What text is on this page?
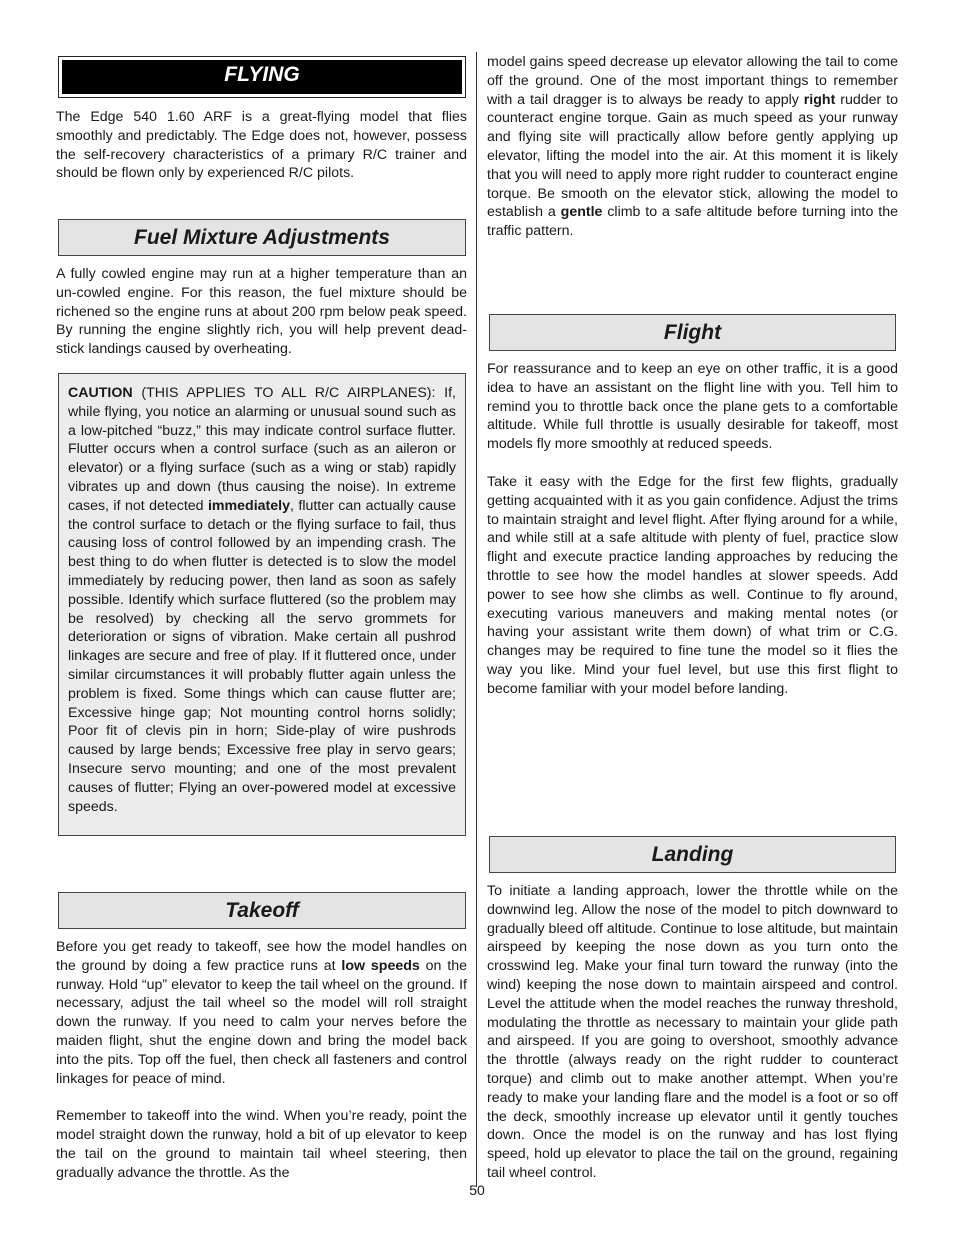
FLYING

The Edge 540 1.60 ARF is a great-flying model that flies smoothly and predictably. The Edge does not, however, possess the self-recovery characteristics of a primary R/C trainer and should be flown only by experienced R/C pilots.

Fuel Mixture Adjustments

A fully cowled engine may run at a higher temperature than an un-cowled engine. For this reason, the fuel mixture should be richened so the engine runs at about 200 rpm below peak speed. By running the engine slightly rich, you will help prevent dead-stick landings caused by overheating.

CAUTION (THIS APPLIES TO ALL R/C AIRPLANES): If, while flying, you notice an alarming or unusual sound such as a low-pitched “buzz,” this may indicate control surface flutter. Flutter occurs when a control surface (such as an aileron or elevator) or a flying surface (such as a wing or stab) rapidly vibrates up and down (thus causing the noise). In extreme cases, if not detected immediately, flutter can actually cause the control surface to detach or the flying surface to fail, thus causing loss of control followed by an impending crash. The best thing to do when flutter is detected is to slow the model immediately by reducing power, then land as soon as safely possible. Identify which surface fluttered (so the problem may be resolved) by checking all the servo grommets for deterioration or signs of vibration. Make certain all pushrod linkages are secure and free of play. If it fluttered once, under similar circumstances it will probably flutter again unless the problem is fixed. Some things which can cause flutter are; Excessive hinge gap; Not mounting control horns solidly; Poor fit of clevis pin in horn; Side-play of wire pushrods caused by large bends; Excessive free play in servo gears; Insecure servo mounting; and one of the most prevalent causes of flutter; Flying an over-powered model at excessive speeds.

Takeoff

Before you get ready to takeoff, see how the model handles on the ground by doing a few practice runs at low speeds on the runway. Hold “up” elevator to keep the tail wheel on the ground. If necessary, adjust the tail wheel so the model will roll straight down the runway. If you need to calm your nerves before the maiden flight, shut the engine down and bring the model back into the pits. Top off the fuel, then check all fasteners and control linkages for peace of mind.

Remember to takeoff into the wind. When you’re ready, point the model straight down the runway, hold a bit of up elevator to keep the tail on the ground to maintain tail wheel steering, then gradually advance the throttle. As the

model gains speed decrease up elevator allowing the tail to come off the ground. One of the most important things to remember with a tail dragger is to always be ready to apply right rudder to counteract engine torque. Gain as much speed as your runway and flying site will practically allow before gently applying up elevator, lifting the model into the air. At this moment it is likely that you will need to apply more right rudder to counteract engine torque. Be smooth on the elevator stick, allowing the model to establish a gentle climb to a safe altitude before turning into the traffic pattern.

Flight

For reassurance and to keep an eye on other traffic, it is a good idea to have an assistant on the flight line with you. Tell him to remind you to throttle back once the plane gets to a comfortable altitude. While full throttle is usually desirable for takeoff, most models fly more smoothly at reduced speeds.

Take it easy with the Edge for the first few flights, gradually getting acquainted with it as you gain confidence. Adjust the trims to maintain straight and level flight. After flying around for a while, and while still at a safe altitude with plenty of fuel, practice slow flight and execute practice landing approaches by reducing the throttle to see how the model handles at slower speeds. Add power to see how she climbs as well. Continue to fly around, executing various maneuvers and making mental notes (or having your assistant write them down) of what trim or C.G. changes may be required to fine tune the model so it flies the way you like. Mind your fuel level, but use this first flight to become familiar with your model before landing.

Landing

To initiate a landing approach, lower the throttle while on the downwind leg. Allow the nose of the model to pitch downward to gradually bleed off altitude. Continue to lose altitude, but maintain airspeed by keeping the nose down as you turn onto the crosswind leg. Make your final turn toward the runway (into the wind) keeping the nose down to maintain airspeed and control. Level the attitude when the model reaches the runway threshold, modulating the throttle as necessary to maintain your glide path and airspeed. If you are going to overshoot, smoothly advance the throttle (always ready on the right rudder to counteract torque) and climb out to make another attempt. When you’re ready to make your landing flare and the model is a foot or so off the deck, smoothly increase up elevator until it gently touches down. Once the model is on the runway and has lost flying speed, hold up elevator to place the tail on the ground, regaining tail wheel control.

50
